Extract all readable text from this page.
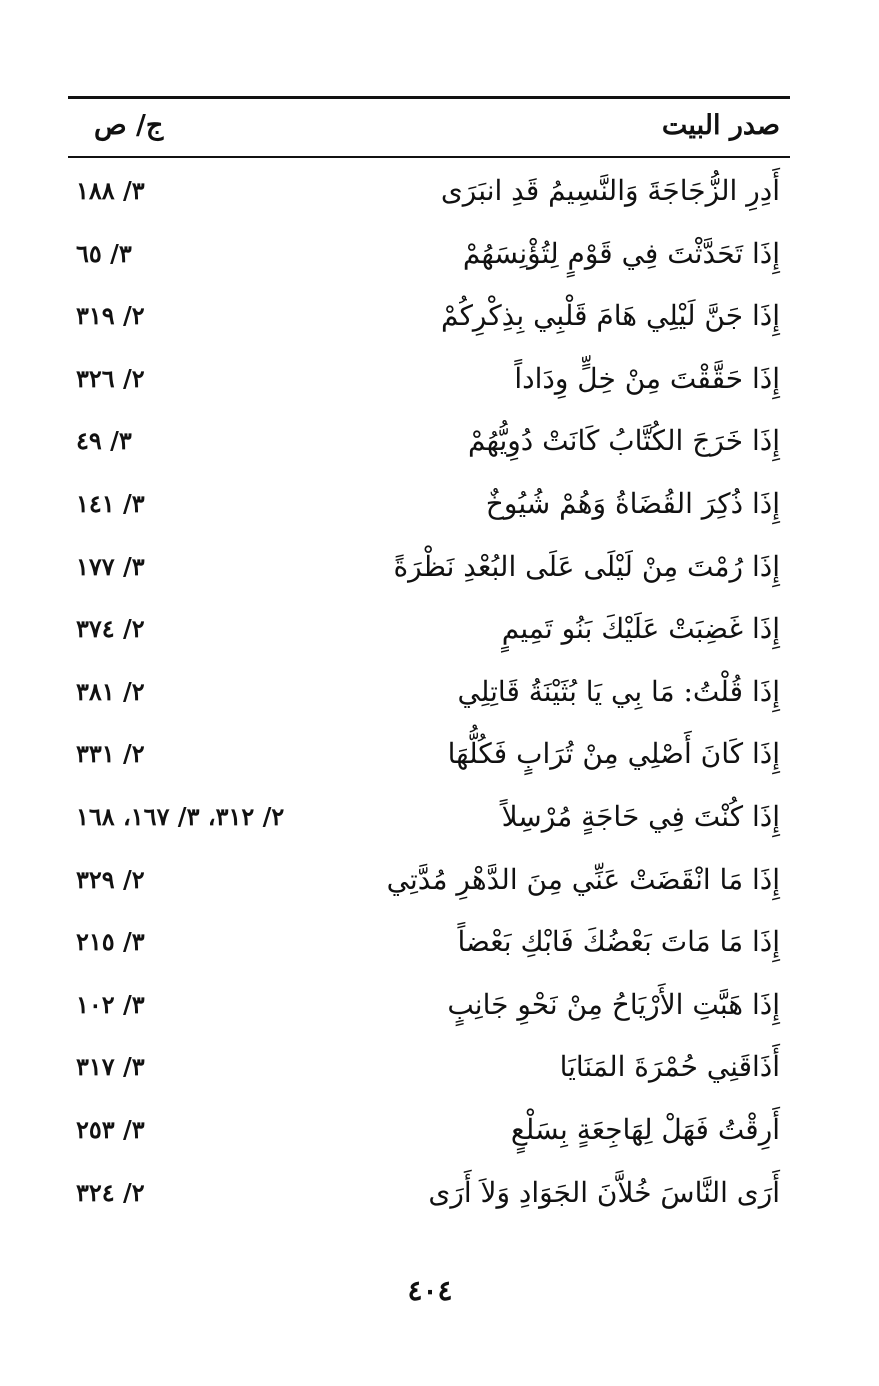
صدر البيت
ج/ ص
أَدِرِ الزُّجَاجَةَ وَالنَّسِيمُ قَدِ انبَرَى
٣/ ١٨٨
إِذَا تَحَدَّثْتَ فِي قَوْمٍ لِتُؤْنِسَهُمْ
٣/ ٦٥
إِذَا جَنَّ لَيْلِي هَامَ قَلْبِي بِذِكْرِكُمْ
٢/ ٣١٩
إِذَا حَقَّقْتَ مِنْ خِلٍّ وِدَاداً
٢/ ٣٢٦
إِذَا خَرَجَ الكُتَّابُ كَانَتْ دُوِيُّهُمْ
٣/ ٤٩
إِذَا ذُكِرَ القُضَاةُ وَهُمْ شُيُوخٌ
٣/ ١٤١
إِذَا رُمْتَ مِنْ لَيْلَى عَلَى البُعْدِ نَظْرَةً
٣/ ١٧٧
إِذَا غَضِبَتْ عَلَيْكَ بَنُو تَمِيمٍ
٢/ ٣٧٤
إِذَا قُلْتُ: مَا بِي يَا بُثَيْنَةُ قَاتِلِي
٢/ ٣٨١
إِذَا كَانَ أَصْلِي مِنْ تُرَابٍ فَكُلُّهَا
٢/ ٣٣١
إِذَا كُنْتَ فِي حَاجَةٍ مُرْسِلاً
٢/ ٣١٢، ٣/ ١٦٧، ١٦٨
إِذَا مَا انْقَضَتْ عَنِّي مِنَ الدَّهْرِ مُدَّتِي
٢/ ٣٢٩
إِذَا مَا مَاتَ بَعْضُكَ فَابْكِ بَعْضاً
٣/ ٢١٥
إِذَا هَبَّتِ الأَرْيَاحُ مِنْ نَحْوِ جَانِبٍ
٣/ ١٠٢
أَذَاقَنِي حُمْرَةَ المَنَايَا
٣/ ٣١٧
أَرِقْتُ فَهَلْ لِهَاجِعَةٍ بِسَلْعٍ
٣/ ٢٥٣
أَرَى النَّاسَ خُلاَّنَ الجَوَادِ وَلاَ أَرَى
٢/ ٣٢٤
٤٠٤
